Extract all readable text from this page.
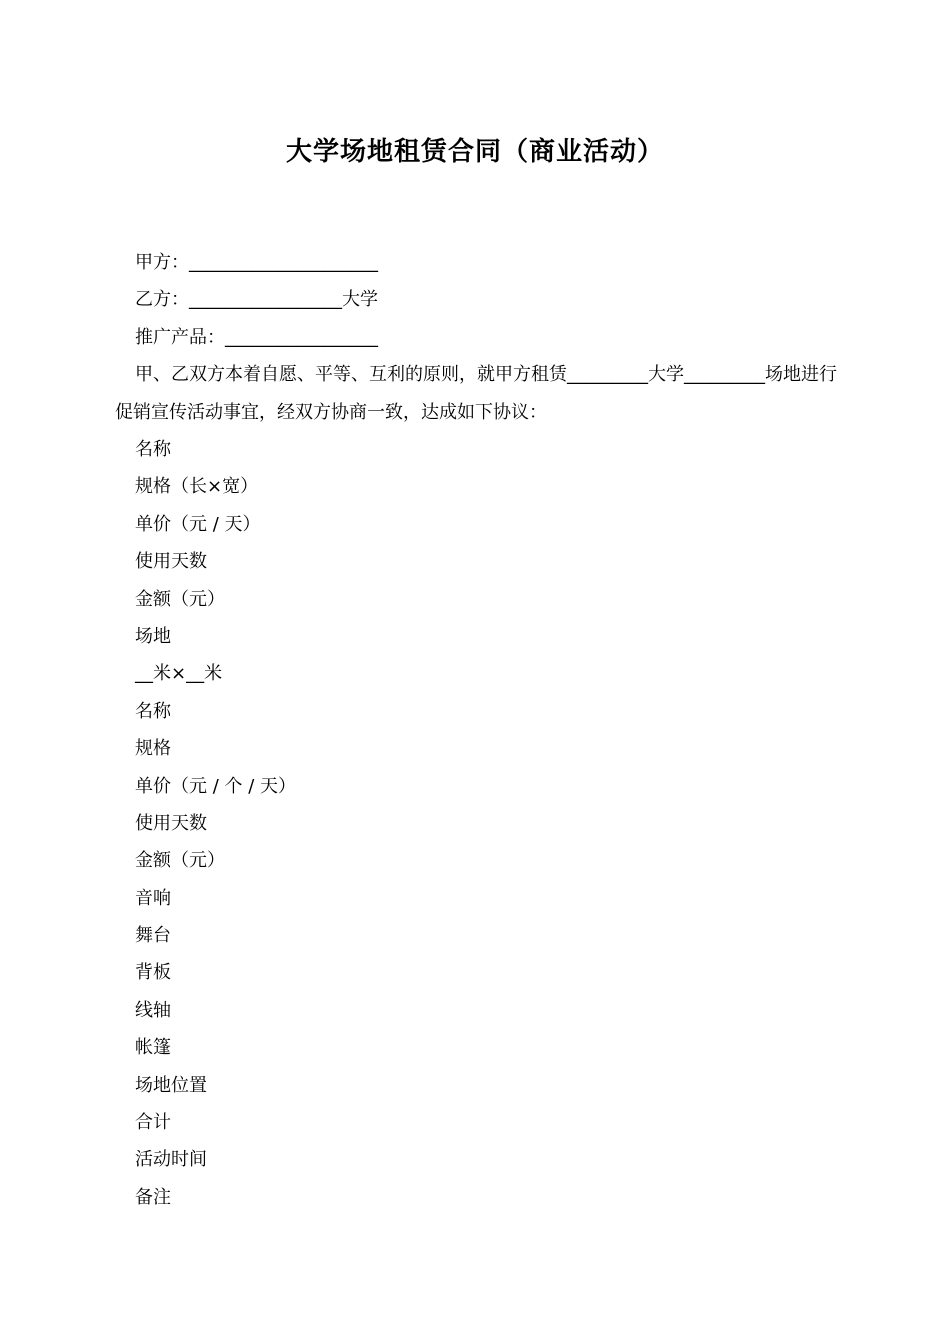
大学场地租赁合同（商业活动）
甲方：_____________________
乙方：_________________大学
推广产品：_________________
甲、乙双方本着自愿、平等、互利的原则，就甲方租赁_________大学_________场地进行促销宣传活动事宜，经双方协商一致，达成如下协议：
名称
规格（长×宽）
单价（元 / 天）
使用天数
金额（元）
场地
__米×__米
名称
规格
单价（元 / 个 / 天）
使用天数
金额（元）
音响
舞台
背板
线轴
帐篷
场地位置
合计
活动时间
备注
